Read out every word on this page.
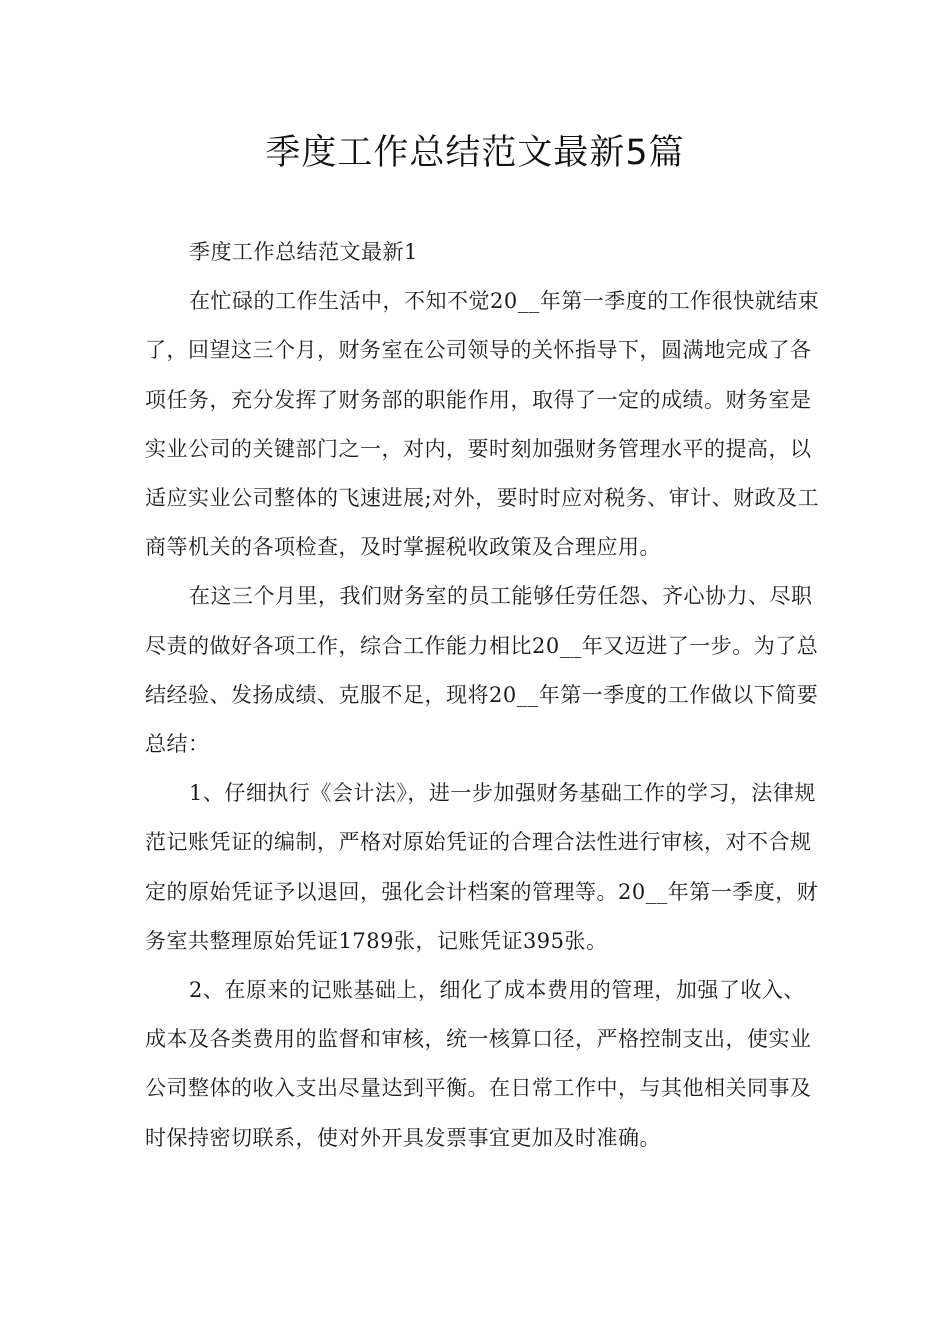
季度工作总结范文最新5篇

季度工作总结范文最新1

在忙碌的工作生活中，不知不觉20__年第一季度的工作很快就结束了，回望这三个月，财务室在公司领导的关怀指导下，圆满地完成了各项任务，充分发挥了财务部的职能作用，取得了一定的成绩。财务室是实业公司的关键部门之一，对内，要时刻加强财务管理水平的提高，以适应实业公司整体的飞速进展;对外，要时时应对税务、审计、财政及工商等机关的各项检查，及时掌握税收政策及合理应用。

在这三个月里，我们财务室的员工能够任劳任怨、齐心协力、尽职尽责的做好各项工作，综合工作能力相比20__年又迈进了一步。为了总结经验、发扬成绩、克服不足，现将20__年第一季度的工作做以下简要总结：

1、仔细执行《会计法》，进一步加强财务基础工作的学习，法律规范记账凭证的编制，严格对原始凭证的合理合法性进行审核，对不合规定的原始凭证予以退回，强化会计档案的管理等。20__年第一季度，财务室共整理原始凭证1789张，记账凭证395张。

2、在原来的记账基础上，细化了成本费用的管理，加强了收入、成本及各类费用的监督和审核，统一核算口径，严格控制支出，使实业公司整体的收入支出尽量达到平衡。在日常工作中，与其他相关同事及时保持密切联系，使对外开具发票事宜更加及时准确。
